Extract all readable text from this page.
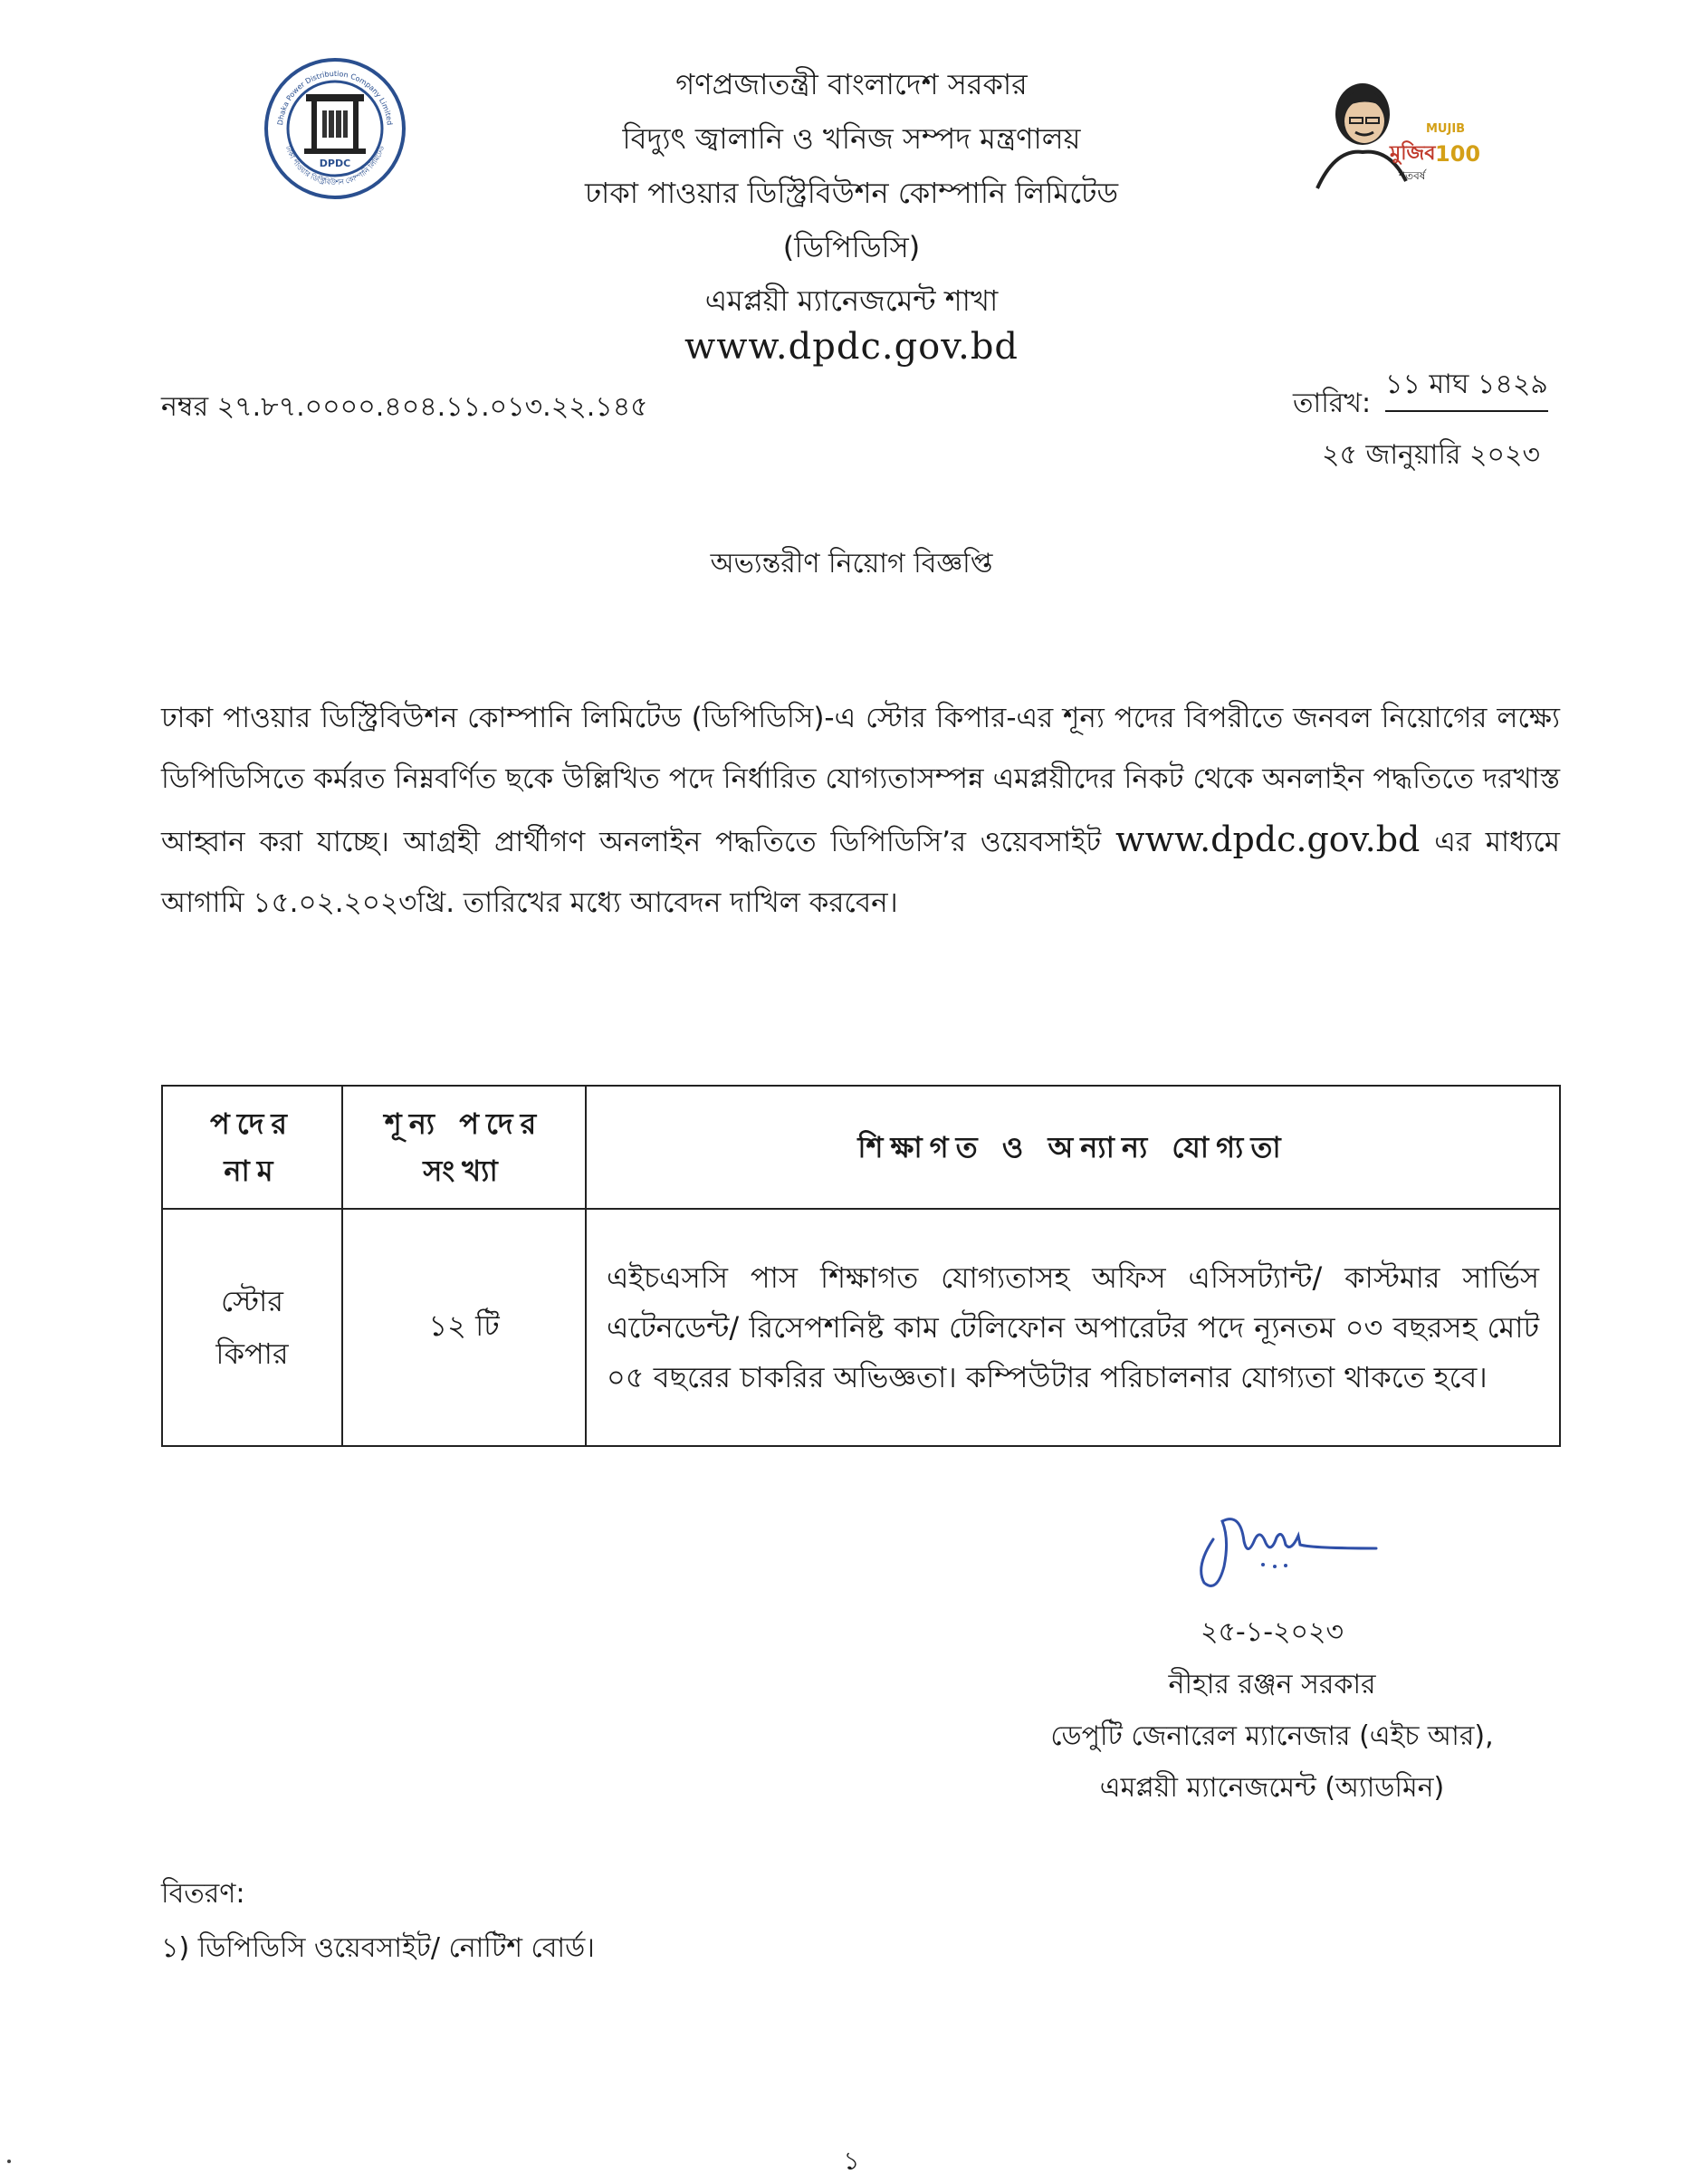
DPDC
Dhaka Power Distribution Company Limited
ঢাকা পাওয়ার ডিস্ট্রিবিউশন কোম্পানি লিমিটেড	মুজিব
MUJIB
100
শতবর্ষ
গণপ্রজাতন্ত্রী বাংলাদেশ সরকার
বিদ্যুৎ জ্বালানি ও খনিজ সম্পদ মন্ত্রণালয়
ঢাকা পাওয়ার ডিস্ট্রিবিউশন কোম্পানি লিমিটেড
(ডিপিডিসি)
এমপ্লয়ী ম্যানেজমেন্ট শাখা
www.dpdc.gov.bd
নম্বর ২৭.৮৭.০০০০.৪০৪.১১.০১৩.২২.১৪৫	তারিখ:
১১ মাঘ ১৪২৯
২৫ জানুয়ারি ২০২৩
অভ্যন্তরীণ নিয়োগ বিজ্ঞপ্তি
ঢাকা পাওয়ার ডিস্ট্রিবিউশন কোম্পানি লিমিটেড (ডিপিডিসি)-এ স্টোর কিপার-এর শূন্য পদের বিপরীতে জনবল নিয়োগের লক্ষ্যে ডিপিডিসিতে কর্মরত নিম্নবর্ণিত ছকে উল্লিখিত পদে নির্ধারিত যোগ্যতাসম্পন্ন এমপ্লয়ীদের নিকট থেকে অনলাইন পদ্ধতিতে দরখাস্ত আহ্বান করা যাচ্ছে। আগ্রহী প্রার্থীগণ অনলাইন পদ্ধতিতে ডিপিডিসি’র ওয়েবসাইট www.dpdc.gov.bd এর মাধ্যমে আগামি ১৫.০২.২০২৩খ্রি. তারিখের মধ্যে আবেদন দাখিল করবেন।
পদের
নাম	শূন্য পদের
সংখ্যা	শিক্ষাগত ও অন্যান্য যোগ্যতা
স্টোর
কিপার	১২ টি	এইচএসসি পাস শিক্ষাগত যোগ্যতাসহ অফিস এসিসট্যান্ট/ কাস্টমার সার্ভিস এটেনডেন্ট/ রিসেপশনিষ্ট কাম টেলিফোন অপারেটর পদে ন্যূনতম ০৩ বছরসহ মোট ০৫ বছরের চাকরির অভিজ্ঞতা। কম্পিউটার পরিচালনার যোগ্যতা থাকতে হবে।
২৫-১-২০২৩
নীহার রঞ্জন সরকার
ডেপুটি জেনারেল ম্যানেজার (এইচ আর),
এমপ্লয়ী ম্যানেজমেন্ট (অ্যাডমিন)
বিতরণ:
১) ডিপিডিসি ওয়েবসাইট/ নোটিশ বোর্ড।
১
